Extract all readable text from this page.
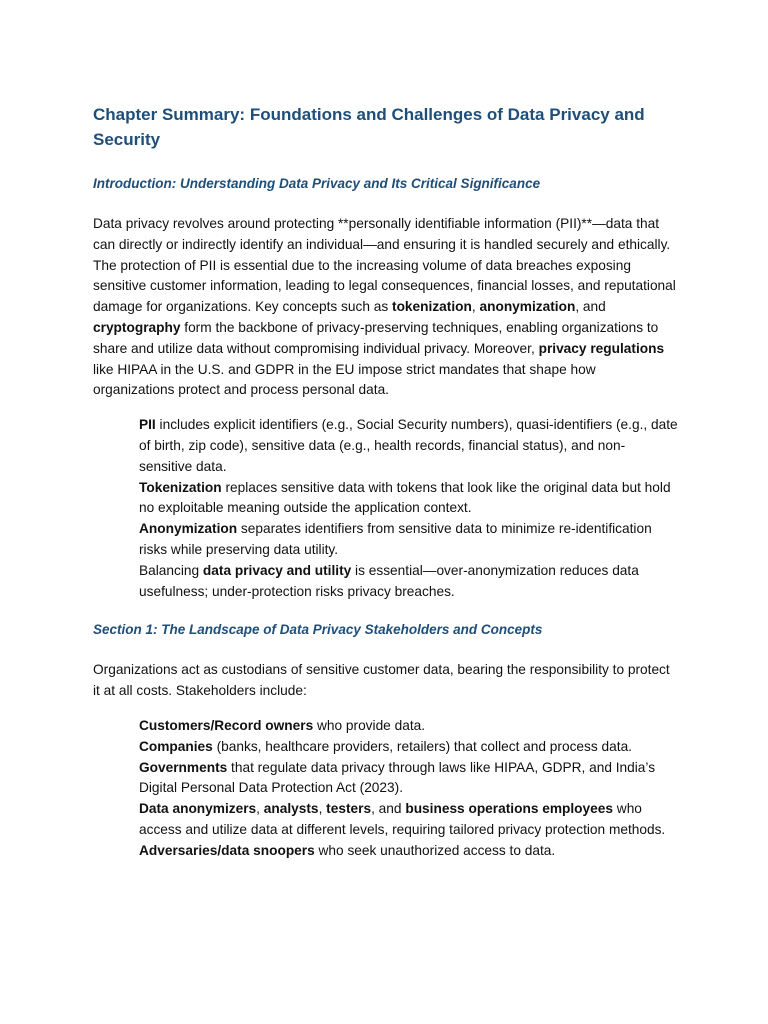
Chapter Summary: Foundations and Challenges of Data Privacy and Security
Introduction: Understanding Data Privacy and Its Critical Significance

Data privacy revolves around protecting **personally identifiable information (PII)**—data that can directly or indirectly identify an individual—and ensuring it is handled securely and ethically. The protection of PII is essential due to the increasing volume of data breaches exposing sensitive customer information, leading to legal consequences, financial losses, and reputational damage for organizations. Key concepts such as tokenization, anonymization, and cryptography form the backbone of privacy-preserving techniques, enabling organizations to share and utilize data without compromising individual privacy. Moreover, privacy regulations like HIPAA in the U.S. and GDPR in the EU impose strict mandates that shape how organizations protect and process personal data.

PII includes explicit identifiers (e.g., Social Security numbers), quasi-identifiers (e.g., date of birth, zip code), sensitive data (e.g., health records, financial status), and non-sensitive data.
Tokenization replaces sensitive data with tokens that look like the original data but hold no exploitable meaning outside the application context.
Anonymization separates identifiers from sensitive data to minimize re-identification risks while preserving data utility.
Balancing data privacy and utility is essential—over-anonymization reduces data usefulness; under-protection risks privacy breaches.
Section 1: The Landscape of Data Privacy Stakeholders and Concepts

Organizations act as custodians of sensitive customer data, bearing the responsibility to protect it at all costs. Stakeholders include:

Customers/Record owners who provide data.
Companies (banks, healthcare providers, retailers) that collect and process data.
Governments that regulate data privacy through laws like HIPAA, GDPR, and India’s Digital Personal Data Protection Act (2023).
Data anonymizers, analysts, testers, and business operations employees who access and utilize data at different levels, requiring tailored privacy protection methods.
Adversaries/data snoopers who seek unauthorized access to data.
